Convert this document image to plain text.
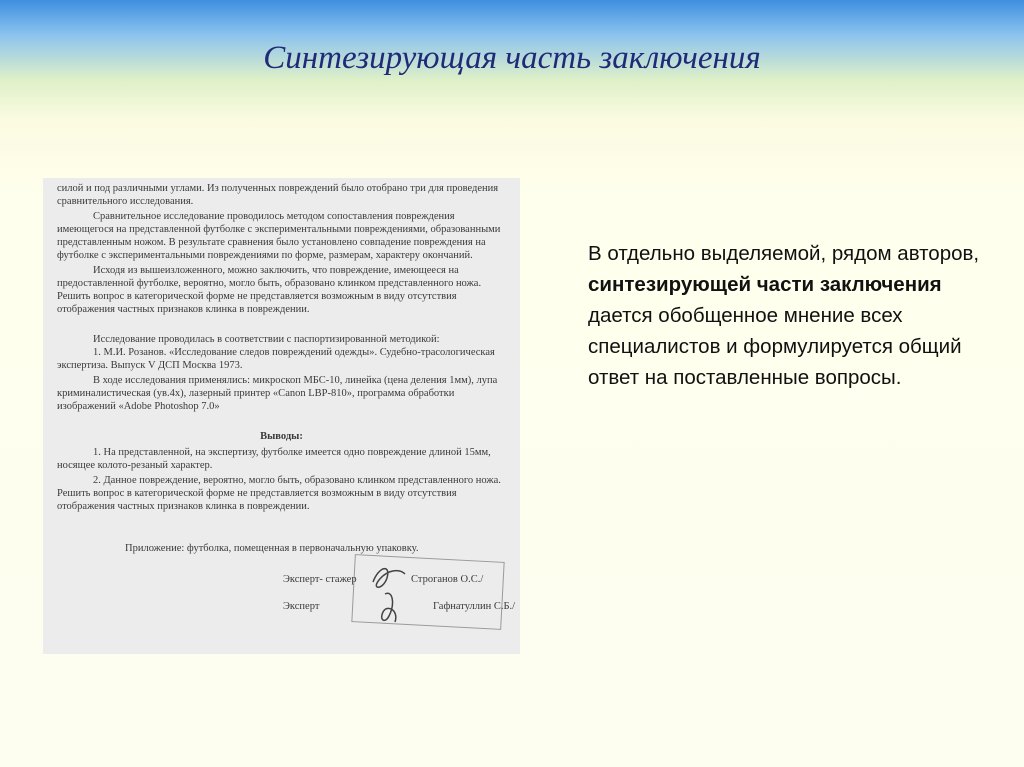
Синтезирующая часть заключения
силой и под различными углами. Из полученных повреждений было отобрано три для проведения
сравнительного исследования.
Сравнительное исследование проводилось методом сопоставления повреждения
имеющегося на представленной футболке с экспериментальными повреждениями, образованными
представленным ножом. В результате сравнения было установлено совпадение повреждения на
футболке с экспериментальными повреждениями по форме, размерам, характеру окончаний.
Исходя из вышеизложенного, можно заключить, что повреждение, имеющееся на
предоставленной футболке, вероятно, могло быть, образовано клинком представленного ножа.
Решить вопрос в категорической форме не представляется возможным в виду отсутствия
отображения частных признаков клинка в повреждении.
Исследование проводилась в соответствии с паспортизированной методикой:
1. М.И. Розанов. «Исследование следов повреждений одежды». Судебно-трасологическая
экспертиза. Выпуск V ДСП Москва 1973.
В ходе исследования применялись: микроскоп МБС-10, линейка (цена деления 1мм), лупа
криминалистическая (ув.4х), лазерный принтер «Canon LBP-810», программа обработки
изображений «Adobe Photoshop 7.0»
Выводы:
1. На представленной, на экспертизу, футболке имеется одно повреждение длиной 15мм,
носящее колото-резаный характер.
2. Данное повреждение, вероятно, могло быть, образовано клинком представленного ножа.
Решить вопрос в категорической форме не представляется возможным в виду отсутствия
отображения частных признаков клинка в повреждении.
Приложение: футболка, помещенная в первоначальную упаковку.
Эксперт- стажер	Строганов О.С./
Эксперт	Гафнатуллин С.Б./
В отдельно выделяемой, рядом авторов, синтезирующей части заключения дается обобщенное мнение всех специалистов и формулируется общий ответ на поставленные вопросы.
